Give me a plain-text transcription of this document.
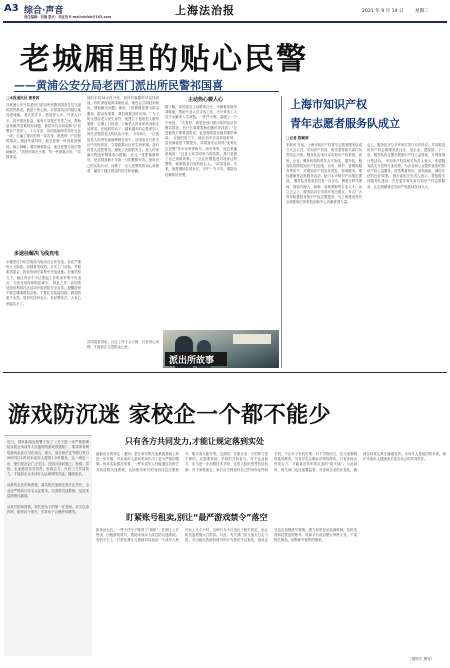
A3 综合·声音
责任编辑：吴瑞 版式：刘亚洁 E-mail:shfzb@163.com	上海法治报	2021 年 9 月 14 日 星期二
老城厢里的贴心民警
——黄浦公安分局老西门派出所民警祁国喜
□本报通讯员 曹梦茜
与黄浦公安分局老西门派出所民警祁国喜打过交道的居民都说，他是个热心肠。祁国喜所在的辖区地处老城厢，老式里弄多、独居老人多、外来人口多，治安情况复杂。他每天穿梭在弄堂之间，帮助居民解决急难愁盼问题，被居民们亲切地称为“祁警官”“老祁”。 十九年来，祁国喜始终坚持在社区一线，走遍了辖区的每一条弄堂，熟悉每一户居民的情况。遇到矛盾纠纷，他总是第一时间赶到现场，耐心调解；遇到困难群众，他总是想方设法帮助解决。“居民的事无小事，每一件都要办好。”祁国喜说。
多途径解决飞线充电
小楼里住户私拉电线为电动自行车充电，存在严重的火灾隐患。祁国喜发现后，多次上门劝说，并联系居委会、物业协调安装集中充电设施。在他的努力下，辖区内多个小区建起了非机动车集中充电点，飞线充电现象明显减少。 除此之外，祁国喜还经常利用社区活动开展消防安全宣传，提醒居民不要在楼道堆放杂物，不要私拉乱接电线，做到防患于未然。居民们纷纷表示，有祁警官在，大家心里踏实多了。
他的手机24小时开机，居民有事随时可以找到他。有时深夜接到求助电话，他也会立即赶到现场，帮助解决问题。他说：“民警就是要为群众服务，群众有需要，我们就要及时出现。” 为了防止独居老人发生意外，他建立了独居老人联络制度，定期上门探望，了解老人的身体状况和生活需求。在他的带动下，越来越多的志愿者加入到关爱独居老人的队伍中来。 今年8月，一位独居老人因突发疾病晕倒在家中，祁国喜在日常走访中发现异常，立即联系社区医生和家属，及时将老人送医救治，避免了悲剧的发生。老人的家属专程送来锦旗表示感谢。 在这一张张锦旗背后，是祁国喜数十年如一日的默默付出。他用自己的实际行动，诠释了一名人民警察的初心和使命，赢得了辖区群众的信任和爱戴。
主动热心暖人心
据了解，祁国喜还主动联系社区，为困难家庭申请救助，帮助失业人员寻找工作，为外来务工人员子女解决入学问题。一件件小事，温暖了一个个家庭。 “大家好，我是老西门派出所的社区民警祁国喜，有什么需要帮助的随时来找我！”这是他每天都要说的话，也是他给居民最郑重的承诺。 在他的努力下，辖区治安状况持续好转，居民满意度不断提升。祁国喜先后获得“优秀社区民警”等多项荣誉称号。面对荣誉，他总是谦虚地说：“这是大家共同努力的结果，我只是做了自己该做的事。” “社区民警是老百姓身边的警察，就要做老百姓的贴心人。”祁国喜说。未来，他将继续扎根社区，守护一方平安，做群众信赖的好民警。
派出所故事
祁国喜常常说，社区工作千头万绪，只有用心用情，才能真正走进群众心里。
上海市知识产权
青年志愿者服务队成立
□记者 陈颖婷
本报讯 日前，上海市知识产权青年志愿者服务队成立大会召开。市知识产权局、团市委等相关部门负责同志出席。服务队由来自本市知识产权系统、高校、企业、服务机构的青年人才组成。 据介绍，服务队将围绕知识产权创造、运用、保护、管理和服务等环节，开展知识产权宣传普及、咨询服务、维权援助等志愿服务活动，助力本市知识产权强市建设。 服务队首批成员共有一百余名，涵盖专利代理师、商标代理人、律师、高校教师等专业人才。成立大会上，服务队向全市青年发出倡议，号召广大青年积极投身知识产权志愿服务，为上海建设具有全球影响力的科技创新中心贡献青春力量。
会上，服务队还与多家单位签订合作协议，共同推进知识产权志愿服务进社区、进企业、进校园。下一步，服务队将定期开展知识产权公益讲座、专利咨询日等活动。 市知识产权局相关负责人表示，希望服务队充分发挥专业优势，为企业和公众提供优质的知识产权公益服务，营造尊重知识、崇尚创新、诚信守法的良好氛围。 团市委相关负责人表示，将积极支持服务队建设，引导更多青年参与知识产权志愿服务，让志愿精神在知识产权领域发扬光大。
游戏防沉迷 家校企一个都不能少
近日，国家新闻出版署下发了《关于进一步严格管理 切实防止未成年人沉迷网络游戏的通知》，要求所有网络游戏企业仅可在周五、周六、周日和法定节假日每日20时至21时向未成年人提供1小时服务。这一规定一出，便引发社会广泛关注。在防沉迷问题上，家庭、学校、企业都应各尽其责，形成合力。只有三方共同发力，才能真正让未成年人远离网络沉迷，健康成长。

从游戏企业的角度看，落实防沉迷规定是法定责任。企业应严格执行实名认证要求，完善防沉迷系统，从技术层面堵住漏洞。

从家长的角度看，家长是孩子的第一任老师，应当以身作则，陪伴孩子成长，引导孩子合理使用网络。
只有各方共同发力,才能让规定落到实处
最新出台的规定（通知）是在原有防沉迷系统基础上的进一步升级，对未成年人游戏时间作出了更为严格的限制。但从实际情况来看，一些未成年人仍能通过各种方式绕过防沉迷系统，比如使用家长的身份信息注册账号、购买成人账号等。这说明，仅靠企业一方的努力是不够的，还需要家庭、学校的共同参与。对于企业而言，应当进一步加强技术手段，完善人脸识别等验证机制；对于家庭而言，家长应当保管好自己的身份证件和手机，不让孩子有机可乘；对于学校而言，应当加强网络素养教育，引导学生正确认识网络游戏。只有家校企形成合力，才能真正筑牢防沉迷的“防火墙”。与此同时，相关部门也应加强监管，对违规企业依法查处，确保各项规定真正落地见效。未成年人是祖国的未来，保护未成年人健康成长是全社会的共同责任。
盯紧账号租卖,别让“最严游戏禁令”落空
新规出台后，一些不法分子嗅到了“商机”，在网上公开售卖、出租游戏账号，帮助未成年人绕过防沉迷系统。有的平台上，只需花费几元钱就可以租用一个成年人账号玩上几个小时。这种行为不仅违反了相关规定，也让防沉迷措施大打折扣。对此，有关部门应当加大打击力度，对出租出售游戏账号的行为依法予以查处，游戏企业也应加强账号管理，建立异常登录监测机制，及时发现和封禁违规账号。电商平台则应履行审核义务，下架相关商品，切断账号租售的链条。
（胡锦宇 撰写）
